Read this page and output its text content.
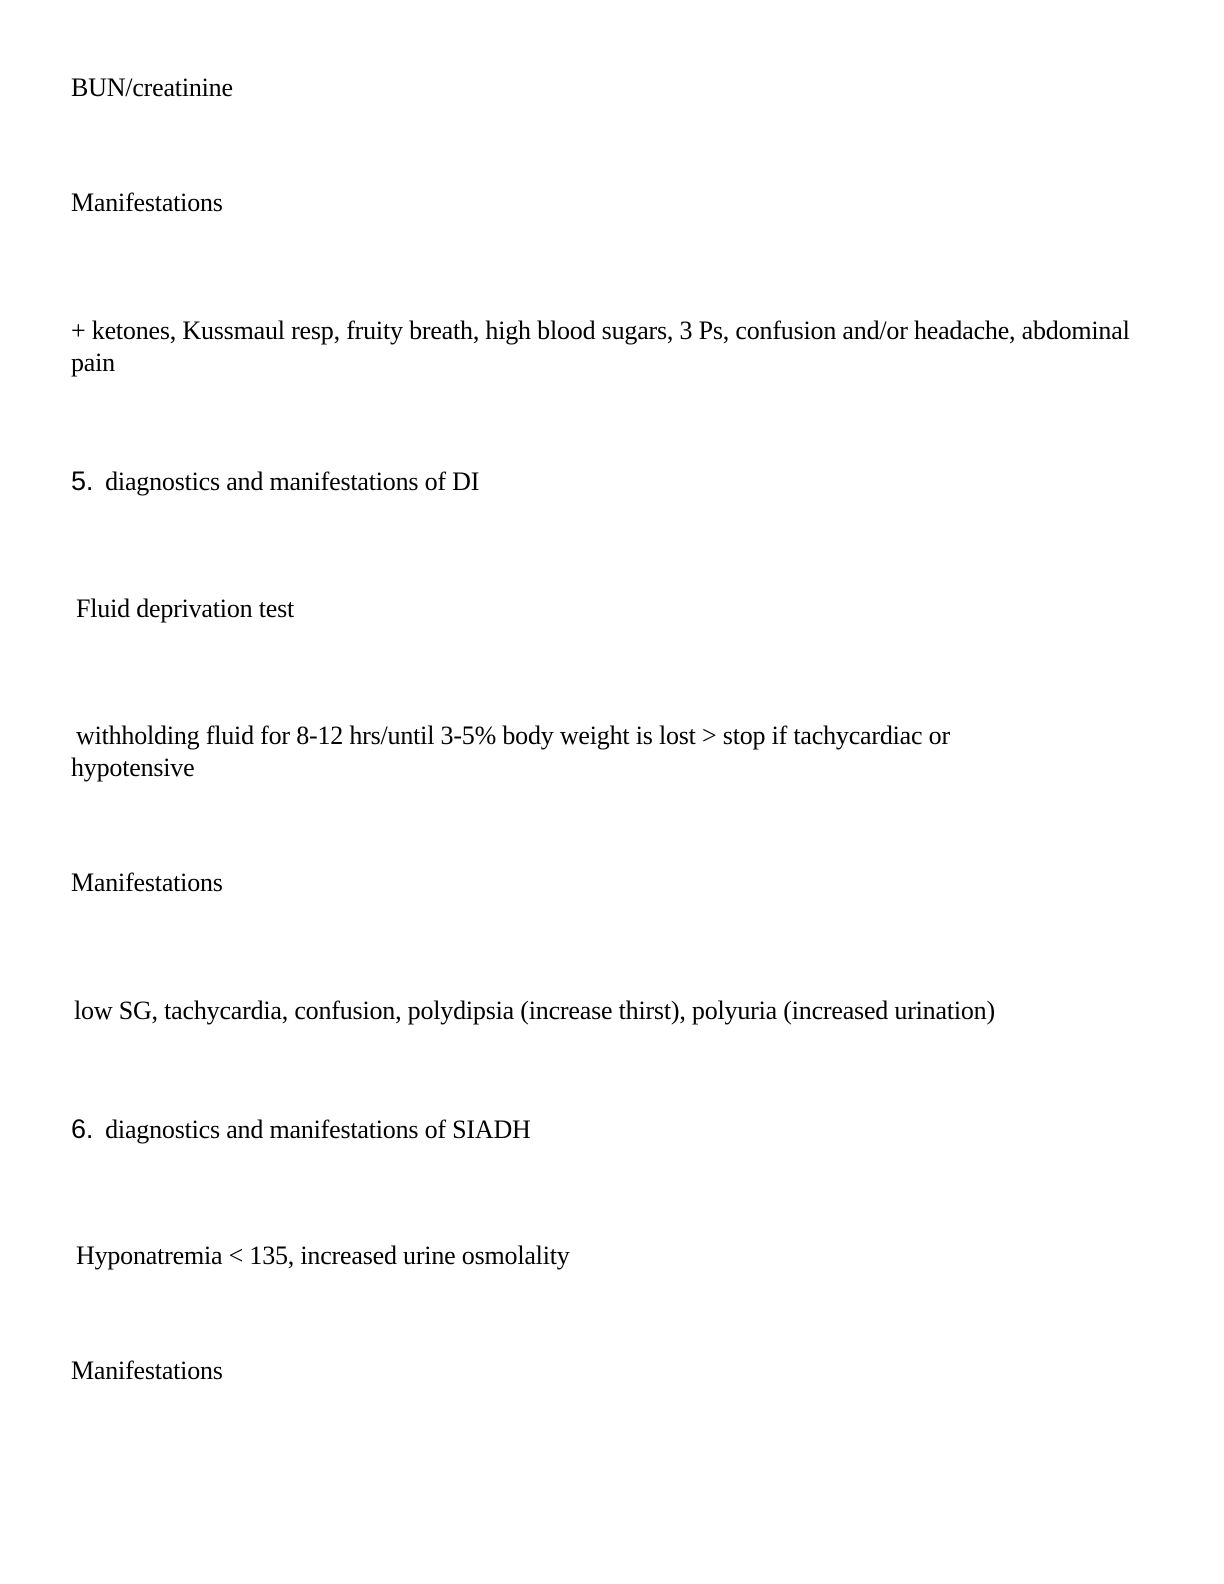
BUN/creatinine
Manifestations
+ ketones, Kussmaul resp, fruity breath, high blood sugars, 3 Ps, confusion and/or headache, abdominal pain
5. diagnostics and manifestations of DI
Fluid deprivation test
withholding fluid for 8-12 hrs/until 3-5% body weight is lost > stop if tachycardiac or hypotensive
Manifestations
low SG, tachycardia, confusion, polydipsia (increase thirst), polyuria (increased urination)
6. diagnostics and manifestations of SIADH
Hyponatremia < 135, increased urine osmolality
Manifestations
